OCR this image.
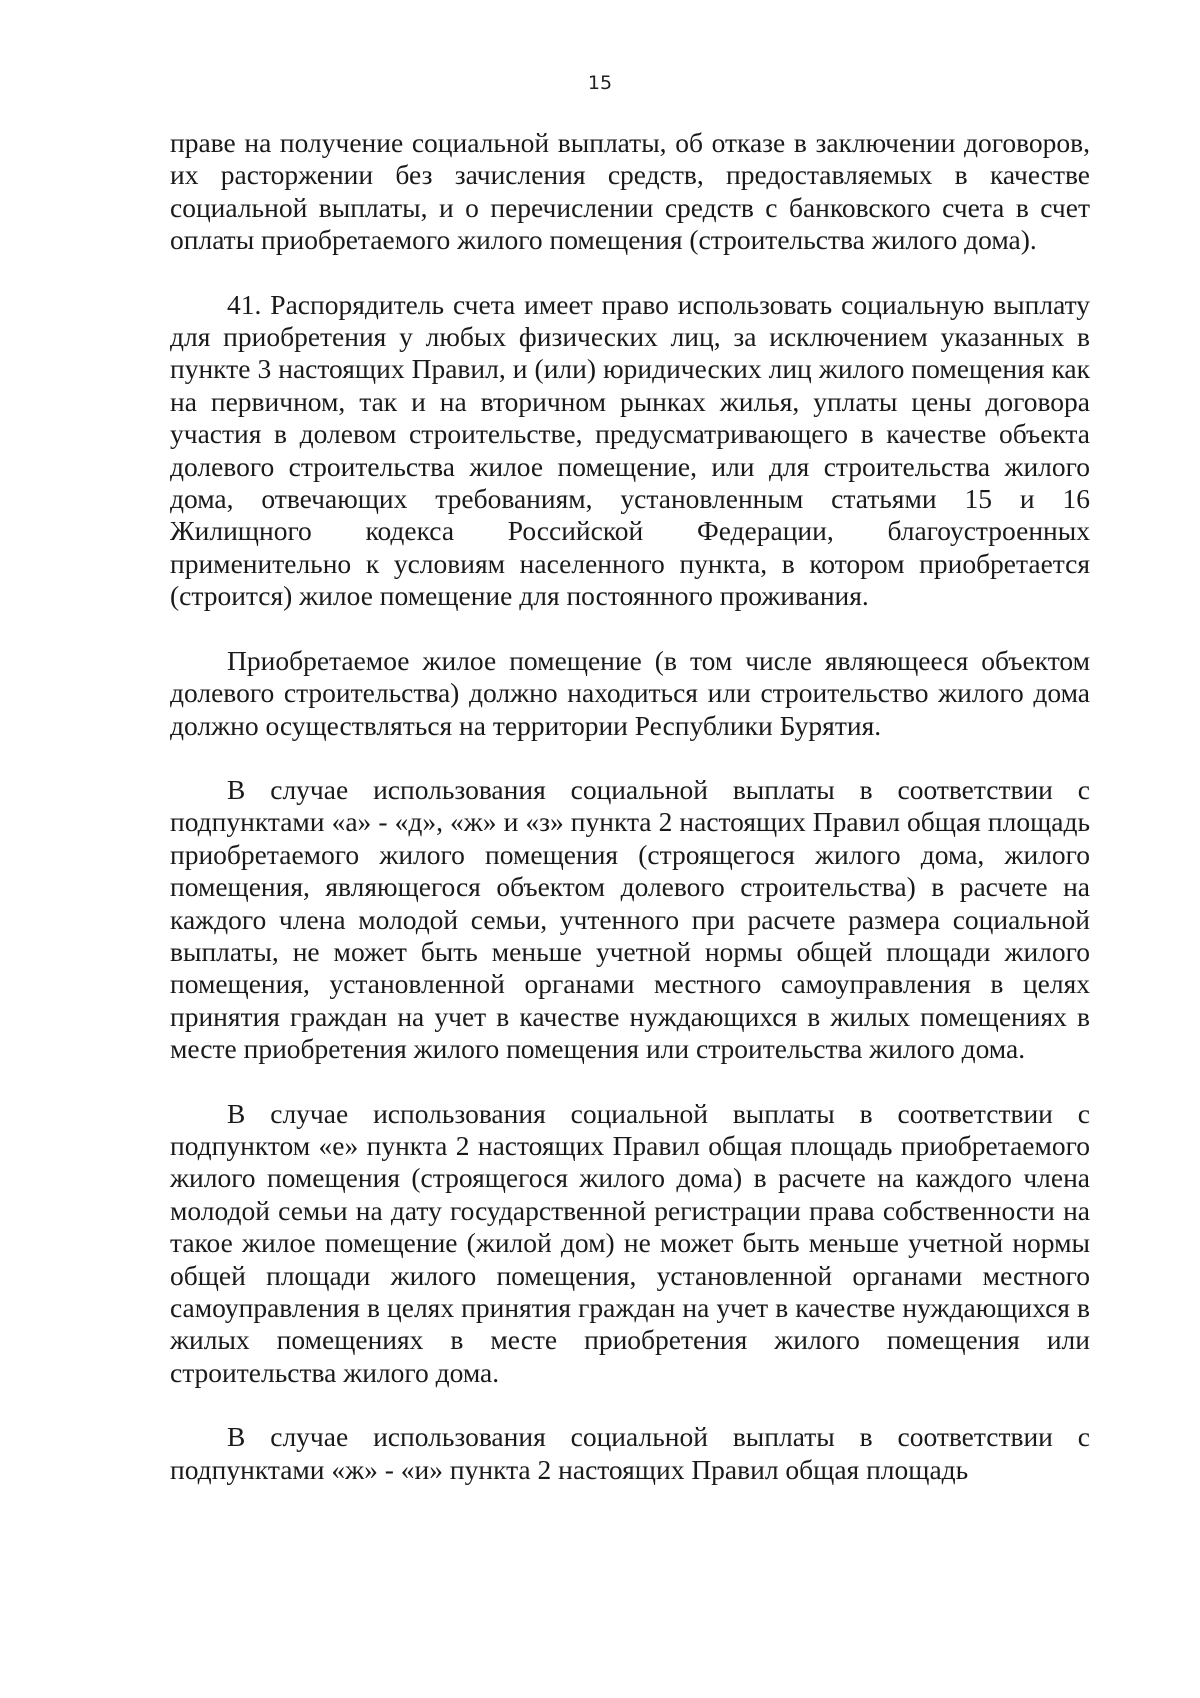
15

праве на получение социальной выплаты, об отказе в заключении договоров, их расторжении без зачисления средств, предоставляемых в качестве социальной выплаты, и о перечислении средств с банковского счета в счет оплаты приобретаемого жилого помещения (строительства жилого дома).

41. Распорядитель счета имеет право использовать социальную выплату для приобретения у любых физических лиц, за исключением указанных в пункте 3 настоящих Правил, и (или) юридических лиц жилого помещения как на первичном, так и на вторичном рынках жилья, уплаты цены договора участия в долевом строительстве, предусматривающего в качестве объекта долевого строительства жилое помещение, или для строительства жилого дома, отвечающих требованиям, установленным статьями 15 и 16 Жилищного кодекса Российской Федерации, благоустроенных применительно к условиям населенного пункта, в котором приобретается (строится) жилое помещение для постоянного проживания.

Приобретаемое жилое помещение (в том числе являющееся объектом долевого строительства) должно находиться или строительство жилого дома должно осуществляться на территории Республики Бурятия.

В случае использования социальной выплаты в соответствии с подпунктами «а» - «д», «ж» и «з» пункта 2 настоящих Правил общая площадь приобретаемого жилого помещения (строящегося жилого дома, жилого помещения, являющегося объектом долевого строительства) в расчете на каждого члена молодой семьи, учтенного при расчете размера социальной выплаты, не может быть меньше учетной нормы общей площади жилого помещения, установленной органами местного самоуправления в целях принятия граждан на учет в качестве нуждающихся в жилых помещениях в месте приобретения жилого помещения или строительства жилого дома.

В случае использования социальной выплаты в соответствии с подпунктом «е» пункта 2 настоящих Правил общая площадь приобретаемого жилого помещения (строящегося жилого дома) в расчете на каждого члена молодой семьи на дату государственной регистрации права собственности на такое жилое помещение (жилой дом) не может быть меньше учетной нормы общей площади жилого помещения, установленной органами местного самоуправления в целях принятия граждан на учет в качестве нуждающихся в жилых помещениях в месте приобретения жилого помещения или строительства жилого дома.

В случае использования социальной выплаты в соответствии с подпунктами «ж» - «и» пункта 2 настоящих Правил общая площадь
